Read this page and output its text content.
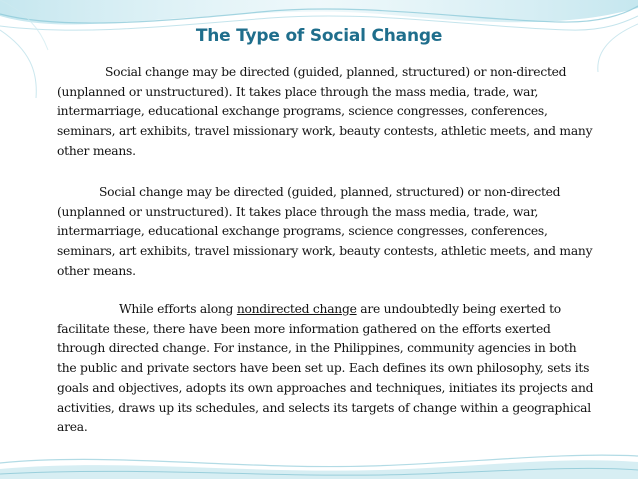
The Type of Social Change

Social change may be directed (guided, planned, structured) or non-directed (unplanned or unstructured). It takes place through the mass media, trade, war, intermarriage, educational exchange programs, science congresses, conferences, seminars, art exhibits, travel missionary work, beauty contests, athletic meets, and many other means.

Social change may be directed (guided, planned, structured) or non-directed (unplanned or unstructured). It takes place through the mass media, trade, war, intermarriage, educational exchange programs, science congresses, conferences, seminars, art exhibits, travel missionary work, beauty contests, athletic meets, and many other means.

While efforts along nondirected change are undoubtedly being exerted to facilitate these, there have been more information gathered on the efforts exerted through directed change. For instance, in the Philippines, community agencies in both the public and private sectors have been set up. Each defines its own philosophy, sets its goals and objectives, adopts its own approaches and techniques, initiates its projects and activities, draws up its schedules, and selects its targets of change within a geographical area.
